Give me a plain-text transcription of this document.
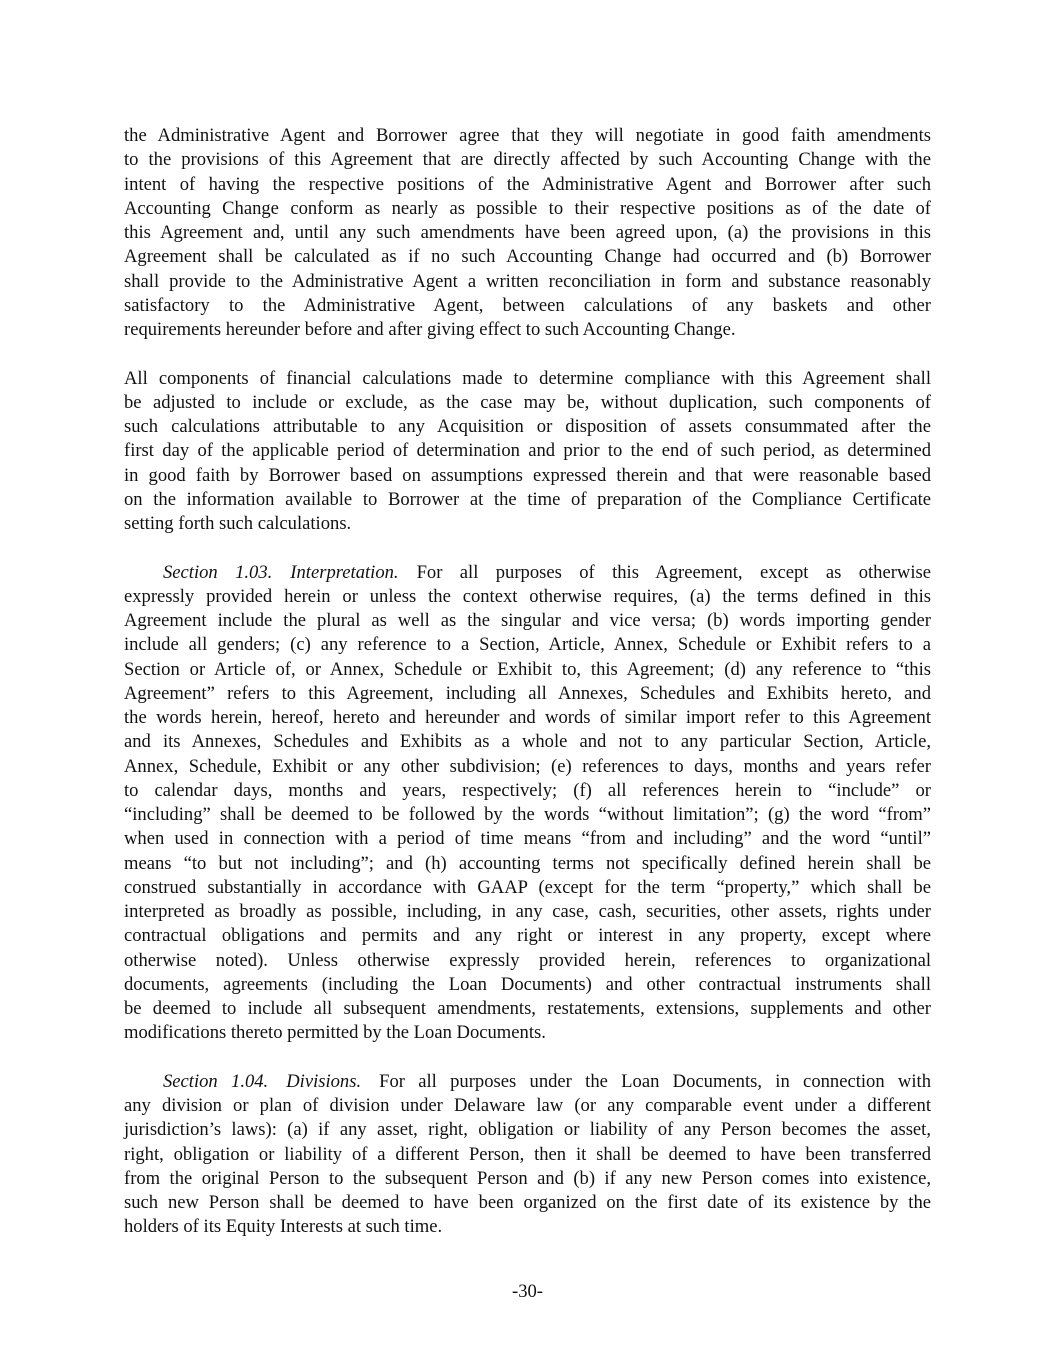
the Administrative Agent and Borrower agree that they will negotiate in good faith amendments
to the provisions of this Agreement that are directly affected by such Accounting Change with the
intent of having the respective positions of the Administrative Agent and Borrower after such
Accounting Change conform as nearly as possible to their respective positions as of the date of
this Agreement and, until any such amendments have been agreed upon, (a) the provisions in this
Agreement shall be calculated as if no such Accounting Change had occurred and (b) Borrower
shall provide to the Administrative Agent a written reconciliation in form and substance reasonably
satisfactory to the Administrative Agent, between calculations of any baskets and other
requirements hereunder before and after giving effect to such Accounting Change.
All components of financial calculations made to determine compliance with this Agreement shall
be adjusted to include or exclude, as the case may be, without duplication, such components of
such calculations attributable to any Acquisition or disposition of assets consummated after the
first day of the applicable period of determination and prior to the end of such period, as determined
in good faith by Borrower based on assumptions expressed therein and that were reasonable based
on the information available to Borrower at the time of preparation of the Compliance Certificate
setting forth such calculations.
Section 1.03. Interpretation. For all purposes of this Agreement, except as otherwise
expressly provided herein or unless the context otherwise requires, (a) the terms defined in this
Agreement include the plural as well as the singular and vice versa; (b) words importing gender
include all genders; (c) any reference to a Section, Article, Annex, Schedule or Exhibit refers to a
Section or Article of, or Annex, Schedule or Exhibit to, this Agreement; (d) any reference to “this
Agreement” refers to this Agreement, including all Annexes, Schedules and Exhibits hereto, and
the words herein, hereof, hereto and hereunder and words of similar import refer to this Agreement
and its Annexes, Schedules and Exhibits as a whole and not to any particular Section, Article,
Annex, Schedule, Exhibit or any other subdivision; (e) references to days, months and years refer
to calendar days, months and years, respectively; (f) all references herein to “include” or
“including” shall be deemed to be followed by the words “without limitation”; (g) the word “from”
when used in connection with a period of time means “from and including” and the word “until”
means “to but not including”; and (h) accounting terms not specifically defined herein shall be
construed substantially in accordance with GAAP (except for the term “property,” which shall be
interpreted as broadly as possible, including, in any case, cash, securities, other assets, rights under
contractual obligations and permits and any right or interest in any property, except where
otherwise noted). Unless otherwise expressly provided herein, references to organizational
documents, agreements (including the Loan Documents) and other contractual instruments shall
be deemed to include all subsequent amendments, restatements, extensions, supplements and other
modifications thereto permitted by the Loan Documents.
Section 1.04. Divisions. For all purposes under the Loan Documents, in connection with
any division or plan of division under Delaware law (or any comparable event under a different
jurisdiction’s laws): (a) if any asset, right, obligation or liability of any Person becomes the asset,
right, obligation or liability of a different Person, then it shall be deemed to have been transferred
from the original Person to the subsequent Person and (b) if any new Person comes into existence,
such new Person shall be deemed to have been organized on the first date of its existence by the
holders of its Equity Interests at such time.
-30-
